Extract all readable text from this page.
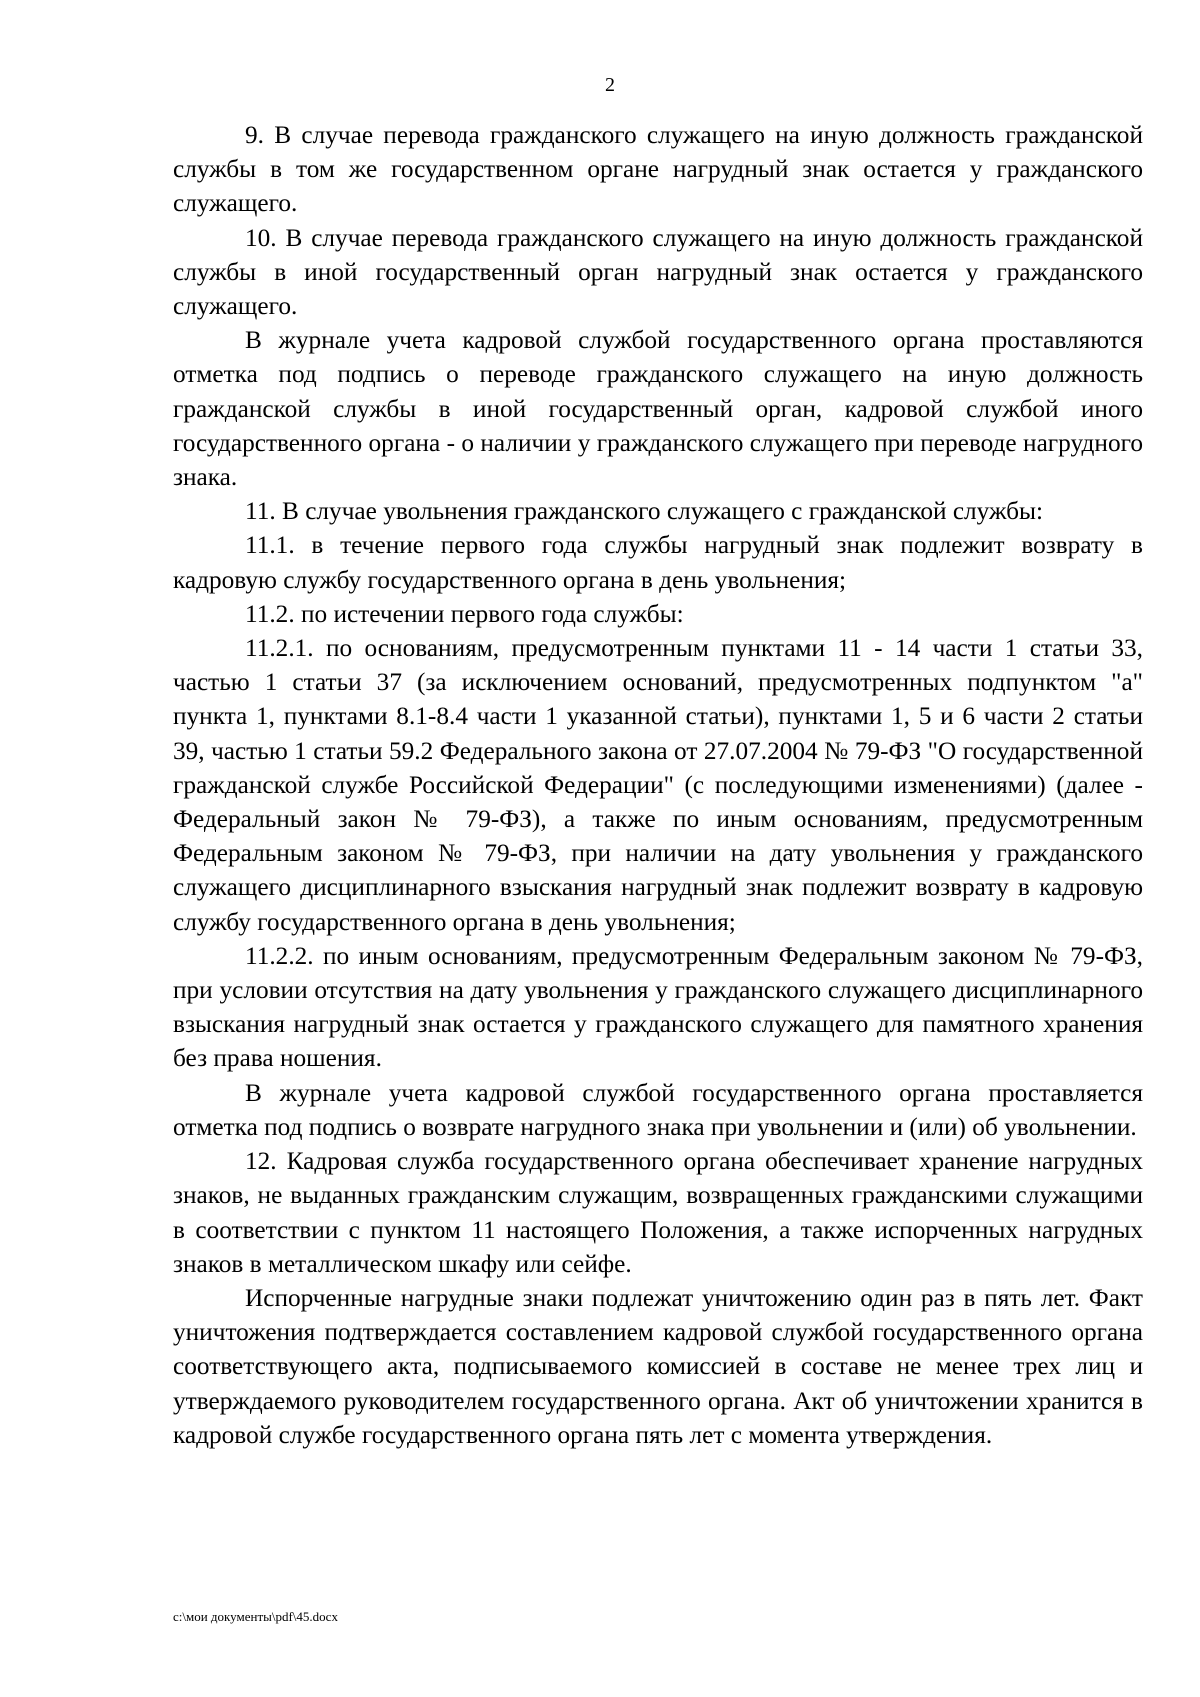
2

9. В случае перевода гражданского служащего на иную должность гражданской службы в том же государственном органе нагрудный знак остается у гражданского служащего.

10. В случае перевода гражданского служащего на иную должность гражданской службы в иной государственный орган нагрудный знак остается у гражданского служащего.

В журнале учета кадровой службой государственного органа проставляются отметка под подпись о переводе гражданского служащего на иную должность гражданской службы в иной государственный орган, кадровой службой иного государственного органа - о наличии у гражданского служащего при переводе нагрудного знака.

11. В случае увольнения гражданского служащего с гражданской службы:

11.1. в течение первого года службы нагрудный знак подлежит возврату в кадровую службу государственного органа в день увольнения;

11.2. по истечении первого года службы:

11.2.1. по основаниям, предусмотренным пунктами 11 - 14 части 1 статьи 33, частью 1 статьи 37 (за исключением оснований, предусмотренных подпунктом "а" пункта 1, пунктами 8.1-8.4 части 1 указанной статьи), пунктами 1, 5 и 6 части 2 статьи 39, частью 1 статьи 59.2 Федерального закона от 27.07.2004 № 79-ФЗ "О государственной гражданской службе Российской Федерации" (с последующими изменениями) (далее - Федеральный закон № 79-ФЗ), а также по иным основаниям, предусмотренным Федеральным законом № 79-ФЗ, при наличии на дату увольнения у гражданского служащего дисциплинарного взыскания нагрудный знак подлежит возврату в кадровую службу государственного органа в день увольнения;

11.2.2. по иным основаниям, предусмотренным Федеральным законом № 79-ФЗ, при условии отсутствия на дату увольнения у гражданского служащего дисциплинарного взыскания нагрудный знак остается у гражданского служащего для памятного хранения без права ношения.

В журнале учета кадровой службой государственного органа проставляется отметка под подпись о возврате нагрудного знака при увольнении и (или) об увольнении.

12. Кадровая служба государственного органа обеспечивает хранение нагрудных знаков, не выданных гражданским служащим, возвращенных гражданскими служащими в соответствии с пунктом 11 настоящего Положения, а также испорченных нагрудных знаков в металлическом шкафу или сейфе.

Испорченные нагрудные знаки подлежат уничтожению один раз в пять лет. Факт уничтожения подтверждается составлением кадровой службой государственного органа соответствующего акта, подписываемого комиссией в составе не менее трех лиц и утверждаемого руководителем государственного органа. Акт об уничтожении хранится в кадровой службе государственного органа пять лет с момента утверждения.

c:\мои документы\pdf\45.docx
